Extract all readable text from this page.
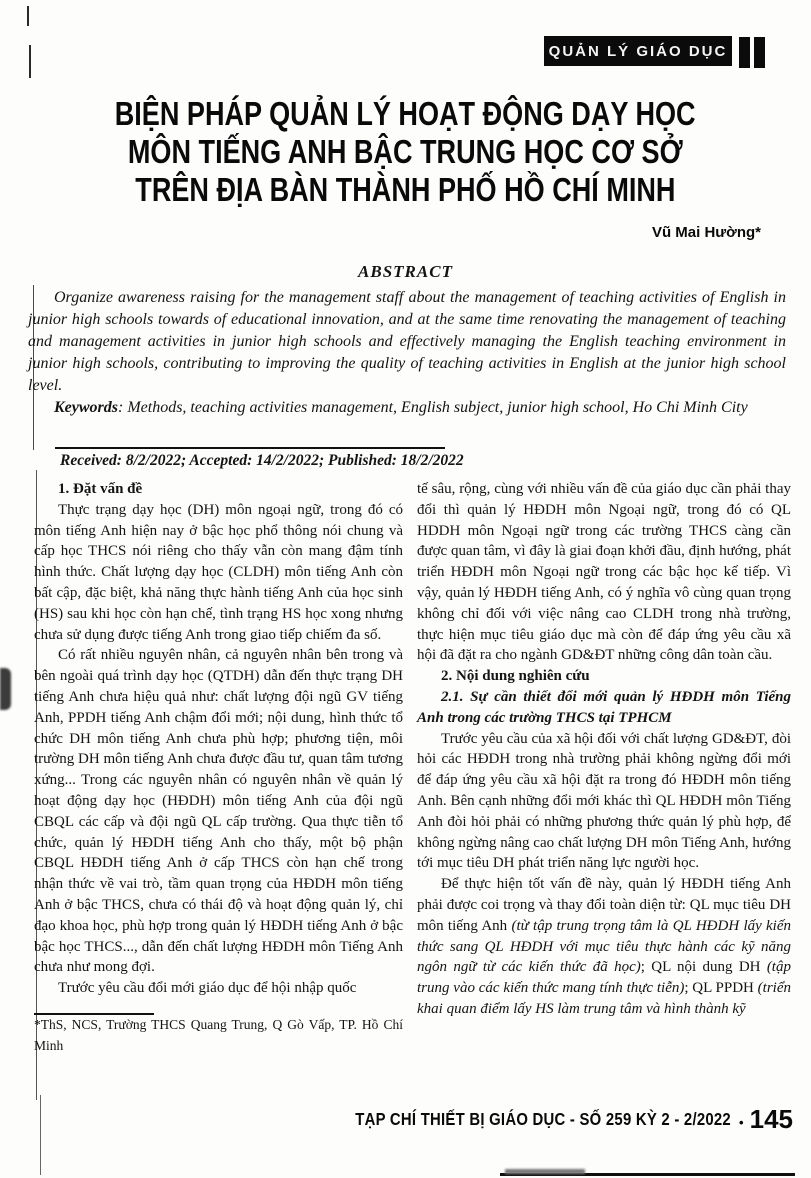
QUẢN LÝ GIÁO DỤC
BIỆN PHÁP QUẢN LÝ HOẠT ĐỘNG DẠY HỌC
MÔN TIẾNG ANH BẬC TRUNG HỌC CƠ SỞ
TRÊN ĐỊA BÀN THÀNH PHỐ HỒ CHÍ MINH
Vũ Mai Hường*
ABSTRACT

Organize awareness raising for the management staff about the management of teaching activities of English in junior high schools towards of educational innovation, and at the same time renovating the management of teaching and management activities in junior high schools and effectively managing the English teaching environment in junior high schools, contributing to improving the quality of teaching activities in English at the junior high school level.

Keywords: Methods, teaching activities management, English subject, junior high school, Ho Chi Minh City

Received: 8/2/2022; Accepted: 14/2/2022; Published: 18/2/2022

1. Đặt vấn đề

Thực trạng dạy học (DH) môn ngoại ngữ, trong đó có môn tiếng Anh hiện nay ở bậc học phổ thông nói chung và cấp học THCS nói riêng cho thấy vẫn còn mang đậm tính hình thức. Chất lượng dạy học (CLDH) môn tiếng Anh còn bất cập, đặc biệt, khả năng thực hành tiếng Anh của học sinh (HS) sau khi học còn hạn chế, tình trạng HS học xong nhưng chưa sử dụng được tiếng Anh trong giao tiếp chiếm đa số.

Có rất nhiều nguyên nhân, cả nguyên nhân bên trong và bên ngoài quá trình dạy học (QTDH) dẫn đến thực trạng DH tiếng Anh chưa hiệu quả như: chất lượng đội ngũ GV tiếng Anh, PPDH tiếng Anh chậm đổi mới; nội dung, hình thức tổ chức DH môn tiếng Anh chưa phù hợp; phương tiện, môi trường DH môn tiếng Anh chưa được đầu tư, quan tâm tương xứng... Trong các nguyên nhân có nguyên nhân về quản lý hoạt động dạy học (HĐDH) môn tiếng Anh của đội ngũ CBQL các cấp và đội ngũ QL cấp trường. Qua thực tiễn tổ chức, quản lý HĐDH tiếng Anh cho thấy, một bộ phận CBQL HĐDH tiếng Anh ở cấp THCS còn hạn chế trong nhận thức về vai trò, tầm quan trọng của HĐDH môn tiếng Anh ở bậc THCS, chưa có thái độ và hoạt động quản lý, chỉ đạo khoa học, phù hợp trong quản lý HĐDH tiếng Anh ở bậc bậc học THCS..., dẫn đến chất lượng HĐDH môn Tiếng Anh chưa như mong đợi.

Trước yêu cầu đổi mới giáo dục để hội nhập quốc

*ThS, NCS, Trường THCS Quang Trung, Q Gò Vấp, TP. Hồ Chí Minh

tế sâu, rộng, cùng với nhiều vấn đề của giáo dục cần phải thay đổi thì quản lý HĐDH môn Ngoại ngữ, trong đó có QL HDDH môn Ngoại ngữ trong các trường THCS càng cần được quan tâm, vì đây là giai đoạn khởi đầu, định hướng, phát triển HĐDH môn Ngoại ngữ trong các bậc học kế tiếp. Vì vậy, quản lý HĐDH tiếng Anh, có ý nghĩa vô cùng quan trọng không chỉ đối với việc nâng cao CLDH trong nhà trường, thực hiện mục tiêu giáo dục mà còn để đáp ứng yêu cầu xã hội đã đặt ra cho ngành GD&ĐT những công dân toàn cầu.

2. Nội dung nghiên cứu

2.1. Sự cần thiết đổi mới quản lý HĐDH môn Tiếng Anh trong các trường THCS tại TPHCM

Trước yêu cầu của xã hội đối với chất lượng GD&ĐT, đòi hỏi các HĐDH trong nhà trường phải không ngừng đổi mới để đáp ứng yêu cầu xã hội đặt ra trong đó HĐDH môn tiếng Anh. Bên cạnh những đổi mới khác thì QL HĐDH môn Tiếng Anh đòi hỏi phải có những phương thức quản lý phù hợp, để không ngừng nâng cao chất lượng DH môn Tiếng Anh, hướng tới mục tiêu DH phát triển năng lực người học.

Để thực hiện tốt vấn đề này, quản lý HĐDH tiếng Anh phải được coi trọng và thay đổi toàn diện từ: QL mục tiêu DH môn tiếng Anh (từ tập trung trọng tâm là QL HĐDH lấy kiến thức sang QL HĐDH với mục tiêu thực hành các kỹ năng ngôn ngữ từ các kiến thức đã học); QL nội dung DH (tập trung vào các kiến thức mang tính thực tiễn); QL PPDH (triển khai quan điểm lấy HS làm trung tâm và hình thành kỹ

TẠP CHÍ THIẾT BỊ GIÁO DỤC - SỐ 259 KỲ 2 - 2/2022 • 145
